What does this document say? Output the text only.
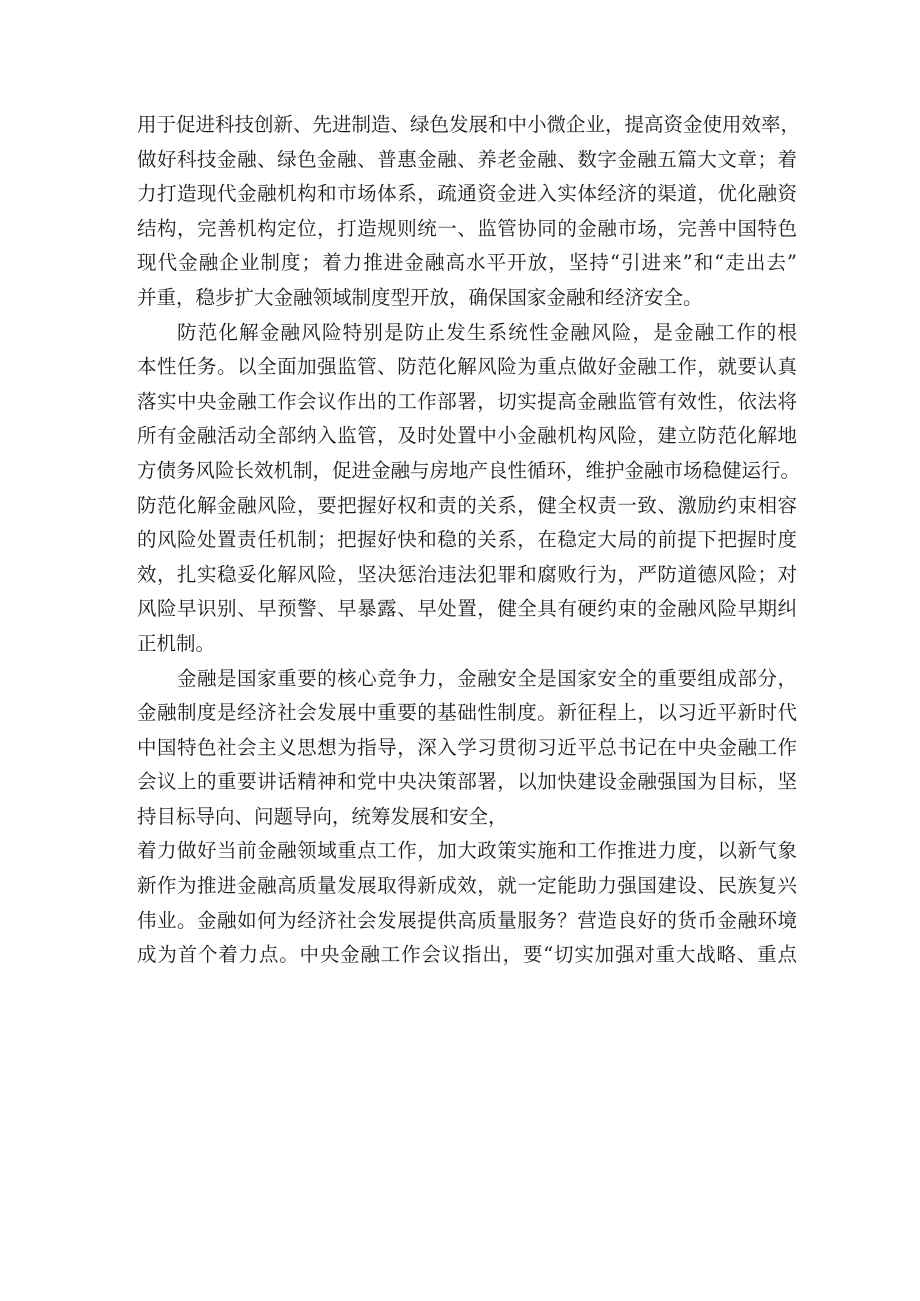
用于促进科技创新、先进制造、绿色发展和中小微企业，提高资金使用效率，
做好科技金融、绿色金融、普惠金融、养老金融、数字金融五篇大文章；着
力打造现代金融机构和市场体系，疏通资金进入实体经济的渠道，优化融资
结构，完善机构定位，打造规则统一、监管协同的金融市场，完善中国特色
现代金融企业制度；着力推进金融高水平开放，坚持“引进来”和“走出去”
并重，稳步扩大金融领域制度型开放，确保国家金融和经济安全。
防范化解金融风险特别是防止发生系统性金融风险，是金融工作的根
本性任务。以全面加强监管、防范化解风险为重点做好金融工作，就要认真
落实中央金融工作会议作出的工作部署，切实提高金融监管有效性，依法将
所有金融活动全部纳入监管，及时处置中小金融机构风险，建立防范化解地
方债务风险长效机制，促进金融与房地产良性循环，维护金融市场稳健运行。
防范化解金融风险，要把握好权和责的关系，健全权责一致、激励约束相容
的风险处置责任机制；把握好快和稳的关系，在稳定大局的前提下把握时度
效，扎实稳妥化解风险，坚决惩治违法犯罪和腐败行为，严防道德风险；对
风险早识别、早预警、早暴露、早处置，健全具有硬约束的金融风险早期纠
正机制。
金融是国家重要的核心竞争力，金融安全是国家安全的重要组成部分，
金融制度是经济社会发展中重要的基础性制度。新征程上，以习近平新时代
中国特色社会主义思想为指导，深入学习贯彻习近平总书记在中央金融工作
会议上的重要讲话精神和党中央决策部署，以加快建设金融强国为目标，坚
持目标导向、问题导向，统筹发展和安全，
着力做好当前金融领域重点工作，加大政策实施和工作推进力度，以新气象
新作为推进金融高质量发展取得新成效，就一定能助力强国建设、民族复兴
伟业。金融如何为经济社会发展提供高质量服务？营造良好的货币金融环境
成为首个着力点。中央金融工作会议指出，要“切实加强对重大战略、重点
